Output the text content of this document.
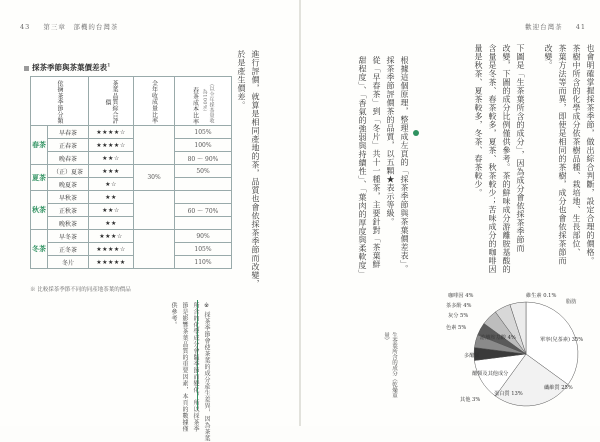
43 第三章　部機的台灣茶
採茶季節與茶葉價差表$^1$
依摘茶季節分類		茶葉品質綜合評價	全年收成量比率	春茶成本比率 （以全年採茶量收為100%）
春茶	早春茶	★★★★☆		105%
	正春茶	★★★★☆		100%
	晚春茶	★★☆		80 ～ 90%
夏茶	（正）夏茶	★★★	30%	50%
	晚夏茶	★☆		
秋茶	早秋茶	★★		
	正秋茶	★★☆		60 ～ 70%
	晚秋茶	★★		
冬茶	早冬茶	★★★☆		90%
	正冬茶	★★★★☆		105%
	冬片	★★★★★		110%
※ 比較採茶季節不同的同產地茶葉的價品
進行評價，就算是相同產地的茶，品質也會依採茶季節而改變，
於是產生價差。
歡迎台灣茶 41
也會明確掌握採茶季節，做出綜合判斷，設定合理的價格。
茶樹中所含的化學成分依茶樹品種、栽培地、生長部位、
茶葉方法等而異，即使是相同的茶樹，成分也會依採茶節而
改變。
下圖是「生茶葉所含的成分」，因為成分會依採茶季節而
改變，下圖的成分比例僅供參考。茶的鮮味成分游離胺基酸的
含量是冬茶、春茶較多，夏茶、秋茶較少；苦味成分的咖啡因
量是秋茶、夏茶較多，冬茶、春茶較少。
根據這個原理，整理成左頁的「採茶季節與茶葉價差表」。
採茶季節評價茶的品質，以五顆★表示等級。
從「早春茶」到「冬片」共十一種茶，主要針對「茶葉鮮
甜程度」、「香氣的強弱與持續性」、「葉肉的厚度與柔軟度」
※ 採茶季節會使茶葉的成分產生差異，因為茶葉
所含的化學成分會隨季節而變化，所以採茶季
節是影響茶葉品質的重要因素，本頁的數據僅
供參考。
生茶葉所含的成分（乾燥重量）
咖啡因 4%
茶多酚 4%
灰分 5%
色素 5%
維生素 0.1%
游離胺基酸 4%
多醣類
醣類及其他成分
脂肪
纖維質 25%
單寧(兒茶素) 35%
蛋白質 13%
其他 3%
